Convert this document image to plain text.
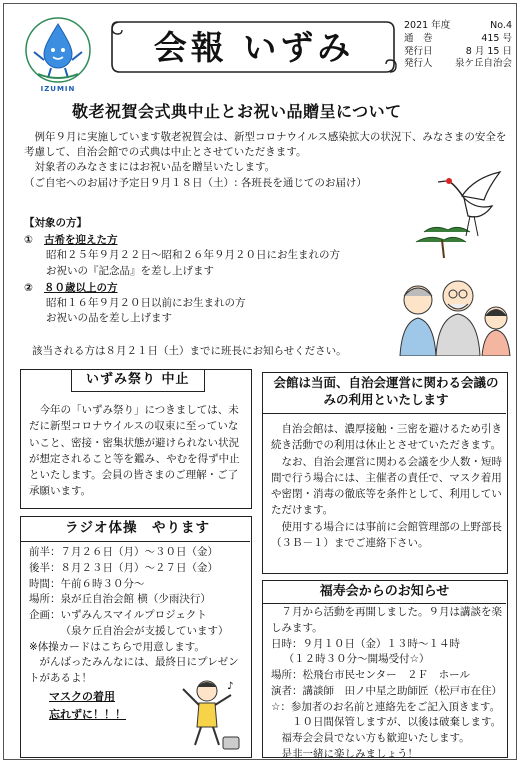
IZUMIN
会報 いずみ
2021 年度	No.4
通　巻	415 号
発行日	8 月 15 日
発行人 泉ケ丘自治会
敬老祝賀会式典中止とお祝い品贈呈について

　例年９月に実施しています敬老祝賀会は、新型コロナウイルス感染拡大の状況下、みなさまの安全を考慮して、自治会館での式典は中止とさせていただきます。

　対象者のみなさまにはお祝い品を贈呈いたします。

（ご自宅へのお届け予定日９月１８日（土）: 各班長を通じてのお届け）

【対象の方】
①	古希を迎えた方
昭和２５年９月２２日～昭和２６年９月２０日にお生まれの方
お祝いの『記念品』を差し上げます
②	８０歳以上の方
昭和１６年９月２０日以前にお生まれの方
お祝いの品を差し上げます
該当される方は８月２１日（土）までに班長にお知らせください。
いずみ祭り 中止
　今年の「いずみ祭り」につきましては、未だに新型コロナウイルスの収束に至っていないこと、密接・密集状態が避けられない状況が想定されること等を鑑み、やむを得ず中止といたします。会員の皆さまのご理解・ご了承願います。
ラジオ体操　やります
前半：７月２６日（月）～３０日（金）
後半：８月２３日（月）～２７日（金）
時間：午前６時３０分～
場所：泉が丘自治会館 横（少雨決行）
企画：いずみんスマイルプロジェクト
（泉ケ丘自治会が支援しています）
※体操カードはこちらで用意します。
　がんばったみんなには、最終日にプレゼントがあるよ！
マスクの着用
忘れずに！！！
♪
会館は当面、自治会運営に関わる会議のみの利用といたします

自治会館は、濃厚接触・三密を避けるため引き続き活動での利用は休止とさせていただきます。

なお、自治会運営に関わる会議を少人数・短時間で行う場合には、主催者の責任で、マスク着用や密閉・消毒の徹底等を条件として、利用していただけます。

使用する場合には事前に会館管理部の上野部長（３Ｂ－１）までご連絡下さい。

福寿会からのお知らせ
７月から活動を再開しました。９月は講談を楽しみます。
日時：９月１０日（金）１３時～１４時
（１２時３０分～開場受付☆）
場所：松飛台市民センター　２Ｆ　ホール
演者：講談師　田ノ中星之助師匠（松戸市在住）
☆：参加者のお名前と連絡先をご記入頂きます。
１０日間保管しますが、以後は破棄します。
福寿会会員でない方も歓迎いたします。
是非一緒に楽しみましょう！
